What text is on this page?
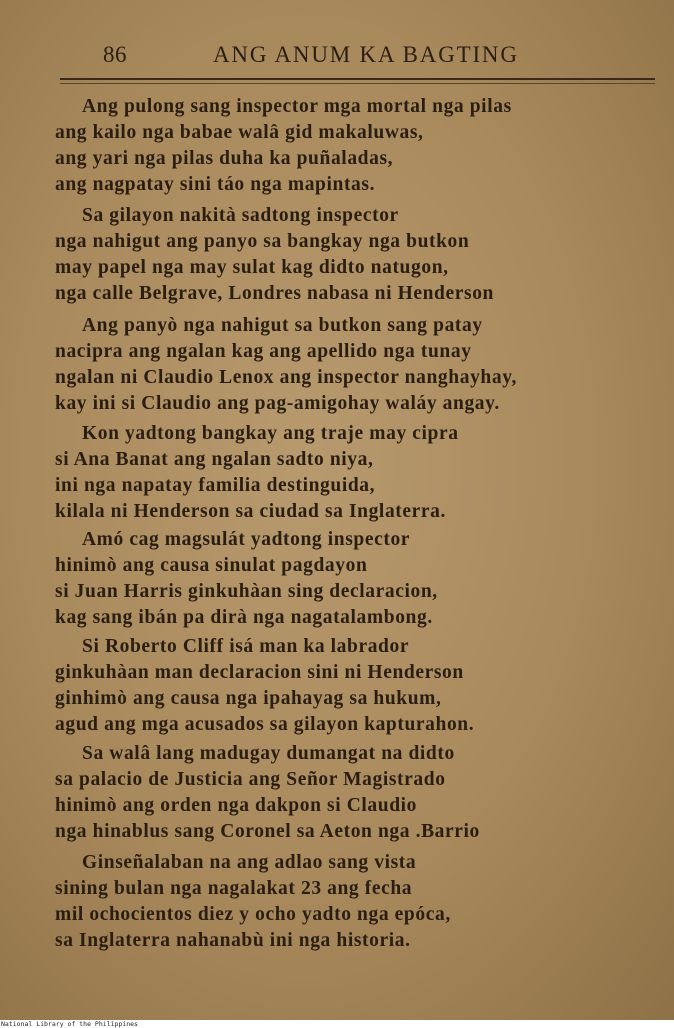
86	ANG ANUM KA BAGTING
Ang pulong sang inspector mga mortal nga pilas
ang kailo nga babae walâ gid makaluwas,
ang yari nga pilas duha ka puñaladas,
ang nagpatay sini táo nga mapintas.
Sa gilayon nakità sadtong inspector
nga nahigut ang panyo sa bangkay nga butkon
may papel nga may sulat kag didto natugon,
nga calle Belgrave, Londres nabasa ni Henderson
Ang panyò nga nahigut sa butkon sang patay
nacipra ang ngalan kag ang apellido nga tunay
ngalan ni Claudio Lenox ang inspector nanghayhay,
kay ini si Claudio ang pag-amigohay waláy angay.
Kon yadtong bangkay ang traje may cipra
si Ana Banat ang ngalan sadto niya,
ini nga napatay familia destinguida,
kilala ni Henderson sa ciudad sa Inglaterra.
Amó cag magsulát yadtong inspector
hinimò ang causa sinulat pagdayon
si Juan Harris ginkuhàan sing declaracion,
kag sang ibán pa dirà nga nagatalambong.
Si Roberto Cliff isá man ka labrador
ginkuhàan man declaracion sini ni Henderson
ginhimò ang causa nga ipahayag sa hukum,
agud ang mga acusados sa gilayon kapturahon.
Sa walâ lang madugay dumangat na didto
sa palacio de Justicia ang Señor Magistrado
hinimò ang orden nga dakpon si Claudio
nga hinablus sang Coronel sa Aeton nga .Barrio
Ginseñalaban na ang adlao sang vista
sining bulan nga nagalakat 23 ang fecha
mil ochocientos diez y ocho yadto nga epóca,
sa Inglaterra nahanabù ini nga historia.
National Library of the Philippines
